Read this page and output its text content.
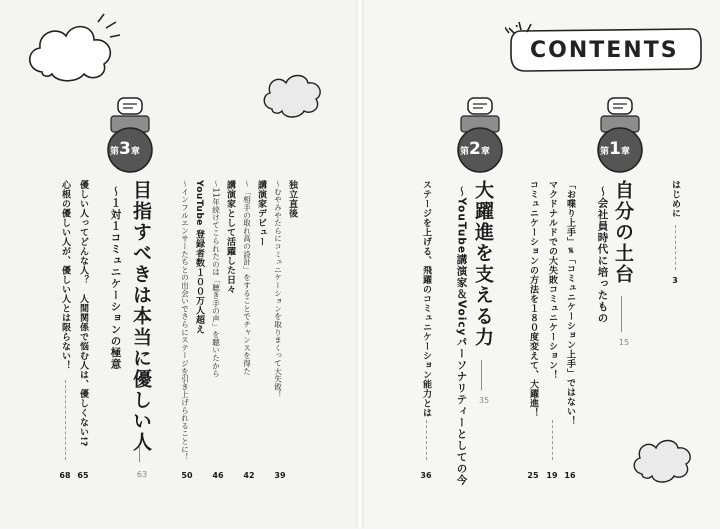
CONTENTS
はじめに
3
第1章
自分の土台
〜会社員時代に培ったもの
15
「お喋り上手」≠「コミュニケーション上手」ではない！
16
マクドナルドでの大失敗コミュニケーション！
19
コミュニケーションの方法を１８０度変えて、大躍進！
25
第2章
大躍進を支える力
〜YouTube講演家＆Voicyパーソナリティーとしての今	35
ステージを上げる、飛躍のコミュニケーション能力とは
36
独立直後
〜むやみやたらにコミュニケーションを取りまくって大失敗！
39
講演家デビュー
〜「相手の取れ高の設計」をすることでチャンスを得た
42
講演家として活躍した日々
〜11年続けてこられたのは「聴き手の声」を聴いたから
46
YouTube 登録者数１００万人超え
〜インフルエンサーたちとの出会いでさらにステージを引き上げられることに！
50
第3章
目指すべきは本当に優しい人
〜１対１コミュニケーションの極意
63
優しい人ってどんな人？　人間関係で悩む人は、優しくない!?
65
心根の優しい人が、優しい人とは限らない！
68
